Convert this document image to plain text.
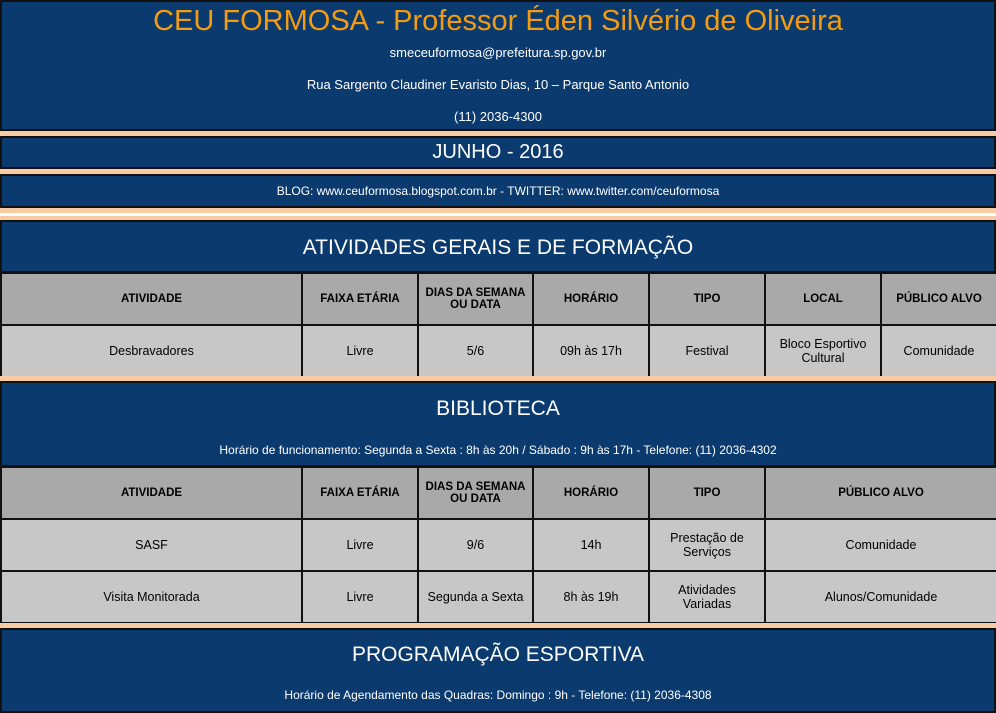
CEU FORMOSA - Professor Éden Silvério de Oliveira
smeceuformosa@prefeitura.sp.gov.br
Rua Sargento Claudiner Evaristo Dias, 10 – Parque Santo Antonio
(11) 2036-4300
JUNHO - 2016
BLOG: www.ceuformosa.blogspot.com.br - TWITTER: www.twitter.com/ceuformosa
ATIVIDADES GERAIS E DE FORMAÇÃO
ATIVIDADE	FAIXA ETÁRIA	DIAS DA SEMANA OU DATA	HORÁRIO	TIPO	LOCAL	PÚBLICO ALVO
Desbravadores	Livre	5/6	09h às 17h	Festival	Bloco Esportivo Cultural	Comunidade
BIBLIOTECA
Horário de funcionamento: Segunda a Sexta : 8h às 20h / Sábado : 9h às 17h - Telefone: (11) 2036-4302
ATIVIDADE	FAIXA ETÁRIA	DIAS DA SEMANA OU DATA	HORÁRIO	TIPO	PÚBLICO ALVO
SASF	Livre	9/6	14h	Prestação de Serviços	Comunidade
Visita Monitorada	Livre	Segunda a Sexta	8h às 19h	Atividades Variadas	Alunos/Comunidade
PROGRAMAÇÃO ESPORTIVA
Horário de Agendamento das Quadras: Domingo : 9h - Telefone: (11) 2036-4308
